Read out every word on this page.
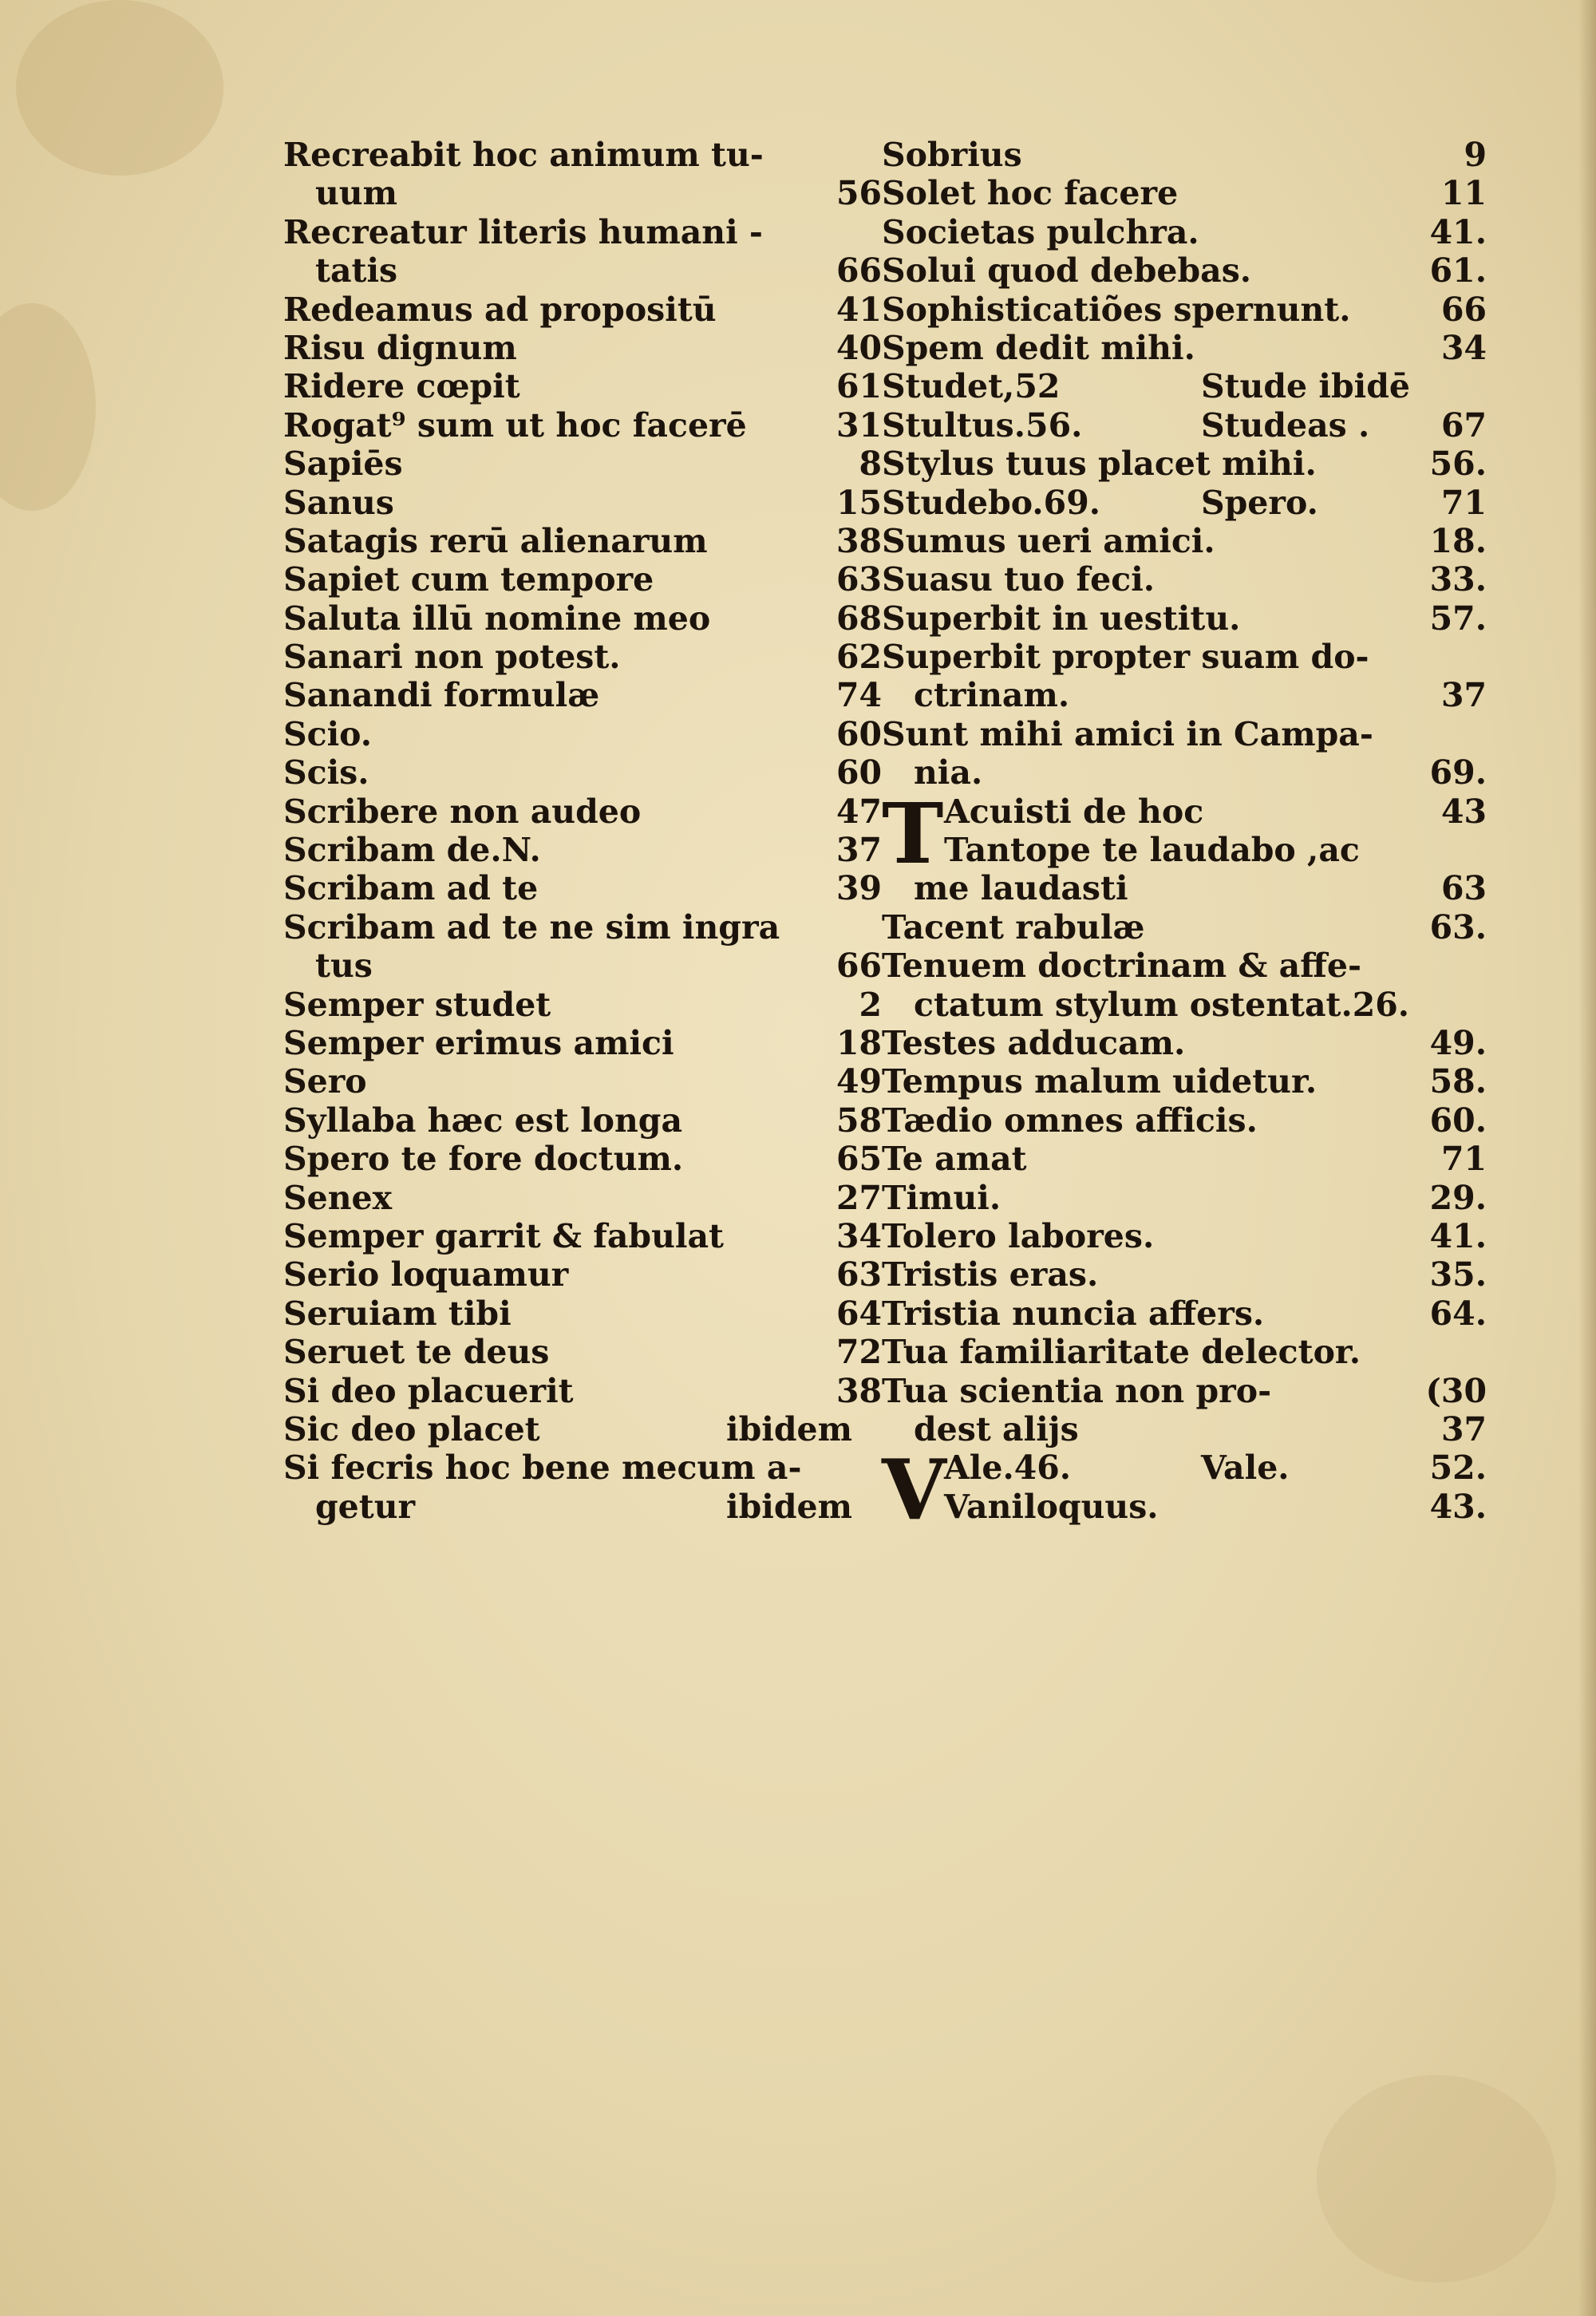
Recreabit hoc animum tu-
uum	56
Recreatur literis humani -
tatis	66
Redeamus ad propositū	41
Risu dignum	40
Ridere cœpit	61
Rogat⁹ sum ut hoc facerē	31
Sapiēs	8
Sanus	15
Satagis rerū alienarum	38
Sapiet cum tempore	63
Saluta illū nomine meo	68
Sanari non potest.	62
Sanandi formulæ	74
Scio.	60
Scis.	60
Scribere non audeo	47
Scribam de.N.	37
Scribam ad te	39
Scribam ad te ne sim ingra
tus	66
Semper studet	2
Semper erimus amici	18
Sero	49
Syllaba hæc est longa	58
Spero te fore doctum.	65
Senex	27
Semper garrit & fabulat	34
Serio loquamur	63
Seruiam tibi	64
Seruet te deus	72
Si deo placuerit	38
Sic deo placet	ibidem
Si fecris hoc bene mecum a-
getur	ibidem
Sobrius	9
Solet hoc facere	11
Societas pulchra.	41.
Solui quod debebas.	61.
Sophisticatiões spernunt.	66
Spem dedit mihi.	34
Studet,52	Stude ibidē
Stultus.56.	Studeas . 67
Stylus tuus placet mihi.	56.
Studebo.69.	Spero.	71
Sumus ueri amici.	18.
Suasu tuo feci.	33.
Superbit in uestitu.	57.
Superbit propter suam do-
ctrinam.	37
Sunt mihi amici in Campa-
nia.	69.
T Acuisti de hoc	43
Tantope te laudabo ,ac
me laudasti	63
Tacent rabulæ	63.
Tenuem doctrinam & affe-
ctatum stylum ostentat.26.
Testes adducam.	49.
Tempus malum uidetur.	58.
Tædio omnes afficis.	60.
Te amat	71
Timui.	29.
Tolero labores.	41.
Tristis eras.	35.
Tristia nuncia affers.	64.
Tua familiaritate delector.
Tua scientia non pro-	(30
dest alijs	37
V
Ale.46.	Vale.	52.
Vaniloquus.	43.
